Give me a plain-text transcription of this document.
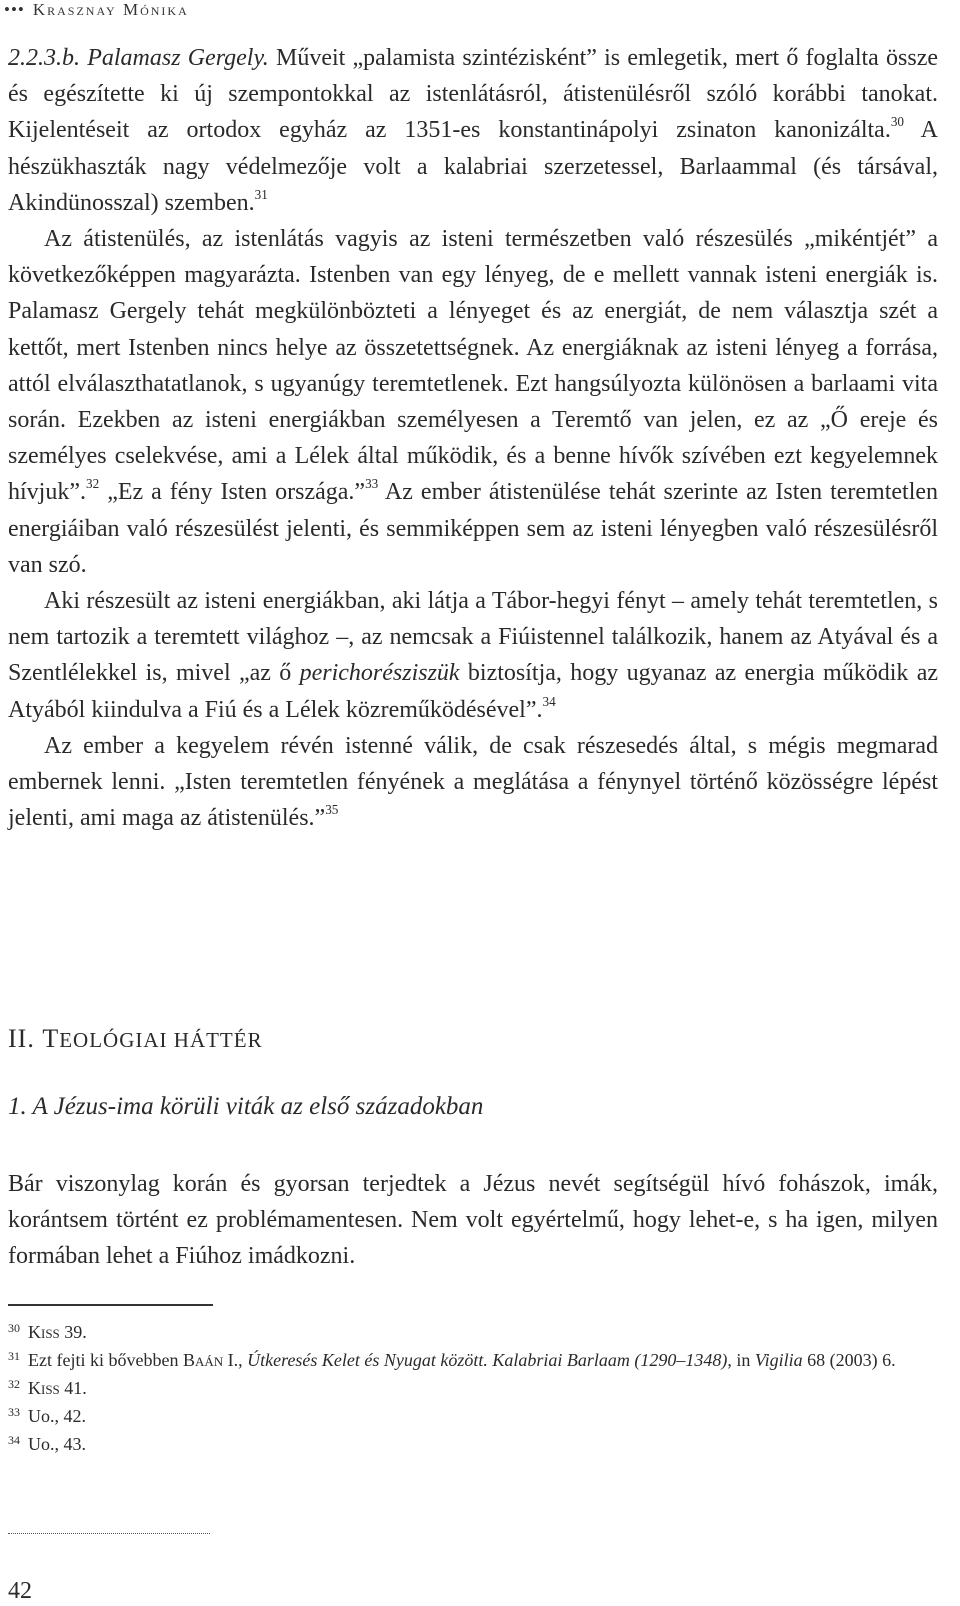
••• Krasznay Mónika

2.2.3.b. Palamasz Gergely. Műveit „palamista szintézisként” is emlegetik, mert ő foglalta össze és egészítette ki új szempontokkal az istenlátásról, átistenülésről szóló korábbi tanokat. Kijelentéseit az ortodox egyház az 1351-es konstantinápolyi zsinaton kanonizálta.$^{30}$ A hészükhaszták nagy védelmezője volt a kalabriai szerzetessel, Barlaammal (és társával, Akindünosszal) szemben.$^{31}$

Az átistenülés, az istenlátás vagyis az isteni természetben való részesülés „mikéntjét” a következőképpen magyarázta. Istenben van egy lényeg, de e mellett vannak isteni energiák is. Palamasz Gergely tehát megkülönbözteti a lényeget és az energiát, de nem választja szét a kettőt, mert Istenben nincs helye az összetettségnek. Az energiáknak az isteni lényeg a forrása, attól elválaszthatatlanok, s ugyanúgy teremtetlenek. Ezt hangsúlyozta különösen a barlaami vita során. Ezekben az isteni energiákban személyesen a Teremtő van jelen, ez az „Ő ereje és személyes cselekvése, ami a Lélek által működik, és a benne hívők szívében ezt kegyelemnek hívjuk”.$^{32}$ „Ez a fény Isten országa.”$^{33}$ Az ember átistenülése tehát szerinte az Isten teremtetlen energiáiban való részesülést jelenti, és semmiképpen sem az isteni lényegben való részesülésről van szó.

Aki részesült az isteni energiákban, aki látja a Tábor-hegyi fényt – amely tehát teremtetlen, s nem tartozik a teremtett világhoz –, az nemcsak a Fiúistennel találkozik, hanem az Atyával és a Szentlélekkel is, mivel „az ő perichorésziszük biztosítja, hogy ugyanaz az energia működik az Atyából kiindulva a Fiú és a Lélek közreműködésével”.$^{34}$

Az ember a kegyelem révén istenné válik, de csak részesedés által, s mégis megmarad embernek lenni. „Isten teremtetlen fényének a meglátása a fénynyel történő közösségre lépést jelenti, ami maga az átistenülés.”$^{35}$

II. TEOLÓGIAI HÁTTÉR
1. A Jézus-ima körüli viták az első századokban

Bár viszonylag korán és gyorsan terjedtek a Jézus nevét segítségül hívó fohászok, imák, korántsem történt ez problémamentesen. Nem volt egyértelmű, hogy lehet-e, s ha igen, milyen formában lehet a Fiúhoz imádkozni.

30 Kiss 39.

31 Ezt fejti ki bővebben Baán I., Útkeresés Kelet és Nyugat között. Kalabriai Barlaam (1290–1348), in Vigilia 68 (2003) 6.

32 Kiss 41.

33 Uo., 42.

34 Uo., 43.

42
